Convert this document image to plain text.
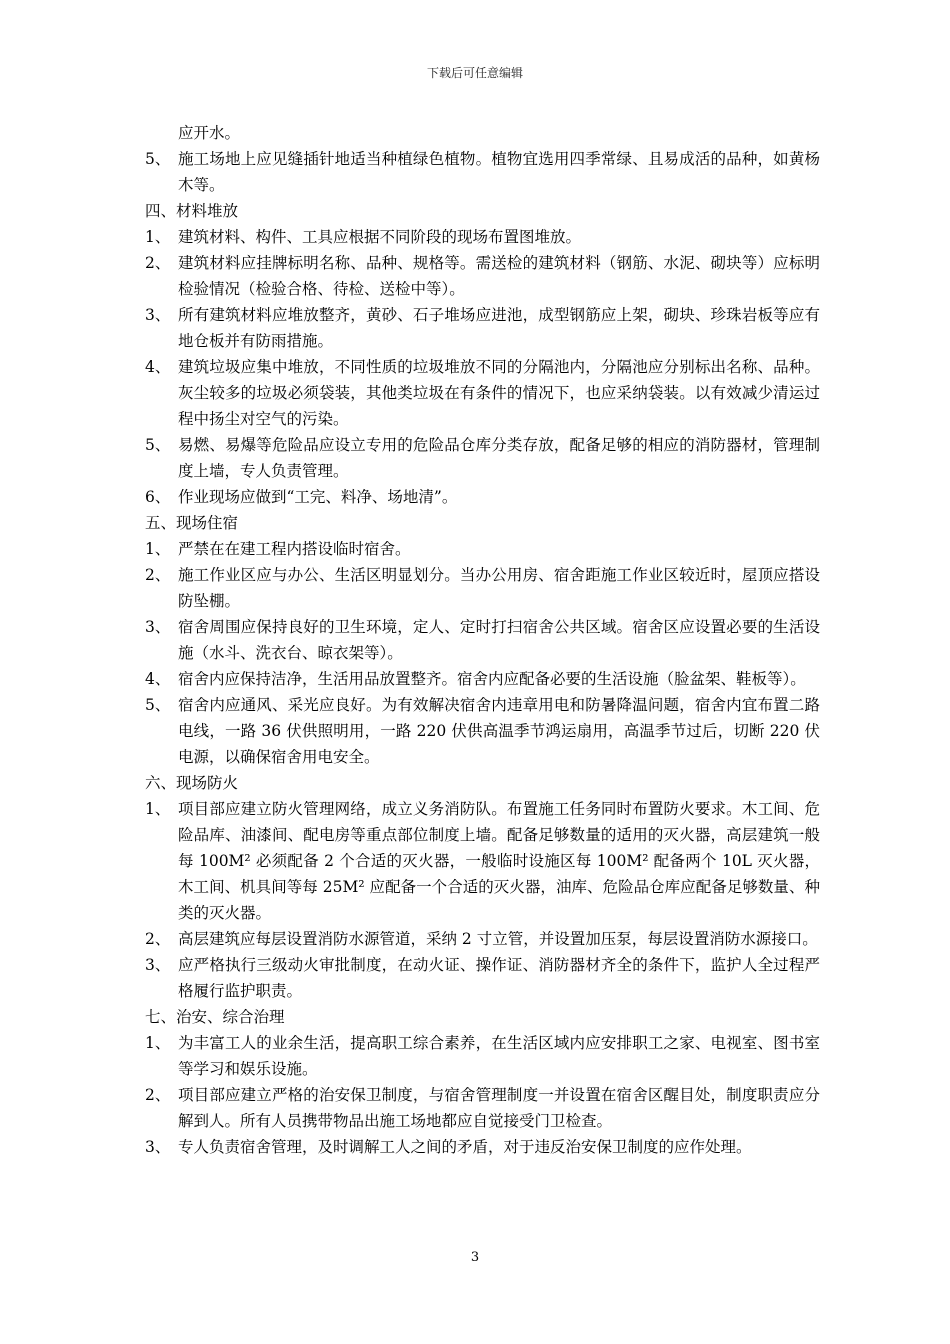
下载后可任意编辑
应开水。
5、 施工场地上应见缝插针地适当种植绿色植物。植物宜选用四季常绿、且易成活的品种，如黄杨木等。
四、材料堆放
1、 建筑材料、构件、工具应根据不同阶段的现场布置图堆放。
2、 建筑材料应挂牌标明名称、品种、规格等。需送检的建筑材料（钢筋、水泥、砌块等）应标明检验情况（检验合格、待检、送检中等）。
3、 所有建筑材料应堆放整齐，黄砂、石子堆场应进池，成型钢筋应上架，砌块、珍珠岩板等应有地仓板并有防雨措施。
4、 建筑垃圾应集中堆放，不同性质的垃圾堆放不同的分隔池内，分隔池应分别标出名称、品种。灰尘较多的垃圾必须袋装，其他类垃圾在有条件的情况下，也应采纳袋装。以有效减少清运过程中扬尘对空气的污染。
5、 易燃、易爆等危险品应设立专用的危险品仓库分类存放，配备足够的相应的消防器材，管理制度上墙，专人负责管理。
6、 作业现场应做到“工完、料净、场地清”。
五、现场住宿
1、 严禁在在建工程内搭设临时宿舍。
2、 施工作业区应与办公、生活区明显划分。当办公用房、宿舍距施工作业区较近时，屋顶应搭设防坠棚。
3、 宿舍周围应保持良好的卫生环境，定人、定时打扫宿舍公共区域。宿舍区应设置必要的生活设施（水斗、洗衣台、晾衣架等）。
4、 宿舍内应保持洁净，生活用品放置整齐。宿舍内应配备必要的生活设施（脸盆架、鞋板等）。
5、 宿舍内应通风、采光应良好。为有效解决宿舍内违章用电和防暑降温问题，宿舍内宜布置二路电线，一路 36 伏供照明用，一路 220 伏供高温季节鸿运扇用，高温季节过后，切断 220 伏电源，以确保宿舍用电安全。
六、现场防火
1、 项目部应建立防火管理网络，成立义务消防队。布置施工任务同时布置防火要求。木工间、危险品库、油漆间、配电房等重点部位制度上墙。配备足够数量的适用的灭火器，高层建筑一般每 100M² 必须配备 2 个合适的灭火器，一般临时设施区每 100M² 配备两个 10L 灭火器，木工间、机具间等每 25M² 应配备一个合适的灭火器，油库、危险品仓库应配备足够数量、种类的灭火器。
2、 高层建筑应每层设置消防水源管道，采纳 2 寸立管，并设置加压泵，每层设置消防水源接口。
3、 应严格执行三级动火审批制度，在动火证、操作证、消防器材齐全的条件下，监护人全过程严格履行监护职责。
七、治安、综合治理
1、 为丰富工人的业余生活，提高职工综合素养，在生活区域内应安排职工之家、电视室、图书室等学习和娱乐设施。
2、 项目部应建立严格的治安保卫制度，与宿舍管理制度一并设置在宿舍区醒目处，制度职责应分解到人。所有人员携带物品出施工场地都应自觉接受门卫检查。
3、 专人负责宿舍管理，及时调解工人之间的矛盾，对于违反治安保卫制度的应作处理。
3
